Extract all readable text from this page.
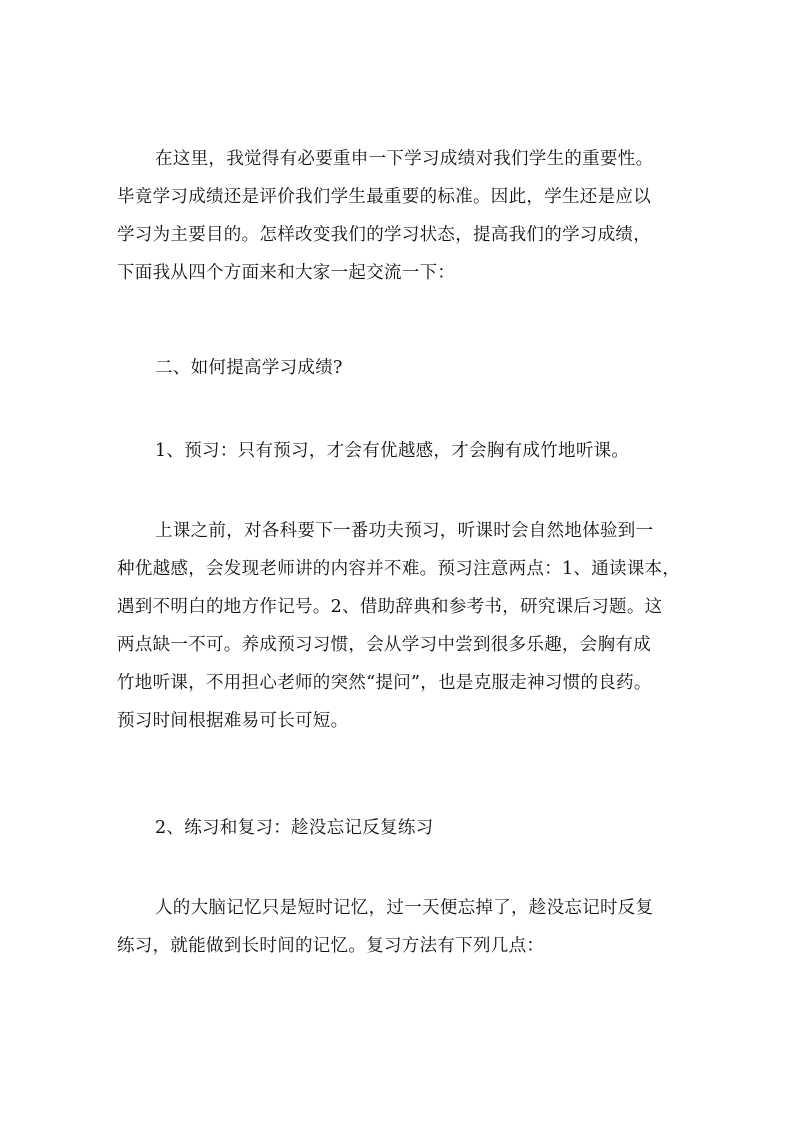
在这里，我觉得有必要重申一下学习成绩对我们学生的重要性。
毕竟学习成绩还是评价我们学生最重要的标准。因此，学生还是应以
学习为主要目的。怎样改变我们的学习状态，提高我们的学习成绩，
下面我从四个方面来和大家一起交流一下：
二、如何提高学习成绩?
1、预习：只有预习，才会有优越感，才会胸有成竹地听课。
上课之前，对各科要下一番功夫预习，听课时会自然地体验到一
种优越感，会发现老师讲的内容并不难。预习注意两点：1、通读课本，
遇到不明白的地方作记号。2、借助辞典和参考书，研究课后习题。这
两点缺一不可。养成预习习惯，会从学习中尝到很多乐趣，会胸有成
竹地听课，不用担心老师的突然“提问”，也是克服走神习惯的良药。
预习时间根据难易可长可短。
2、练习和复习：趁没忘记反复练习
人的大脑记忆只是短时记忆，过一天便忘掉了，趁没忘记时反复
练习，就能做到长时间的记忆。复习方法有下列几点：
